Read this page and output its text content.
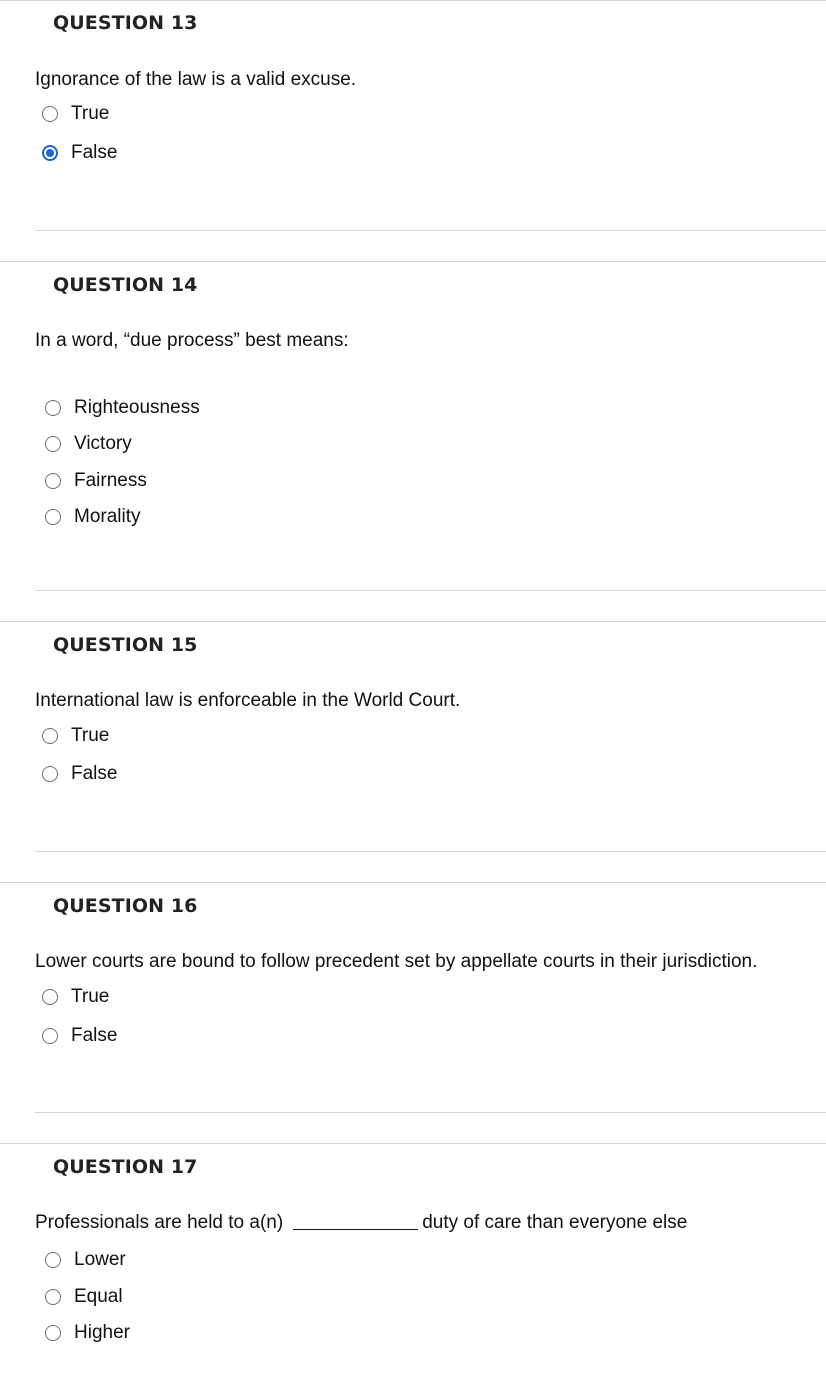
QUESTION 13
Ignorance of the law is a valid excuse.
True
False
QUESTION 14
In a word, “due process” best means:
Righteousness
Victory
Fairness
Morality
QUESTION 15
International law is enforceable in the World Court.
True
False
QUESTION 16
Lower courts are bound to follow precedent set by appellate courts in their jurisdiction.
True
False
QUESTION 17
Professionals are held to a(n)	duty of care than everyone else
Lower
Equal
Higher
